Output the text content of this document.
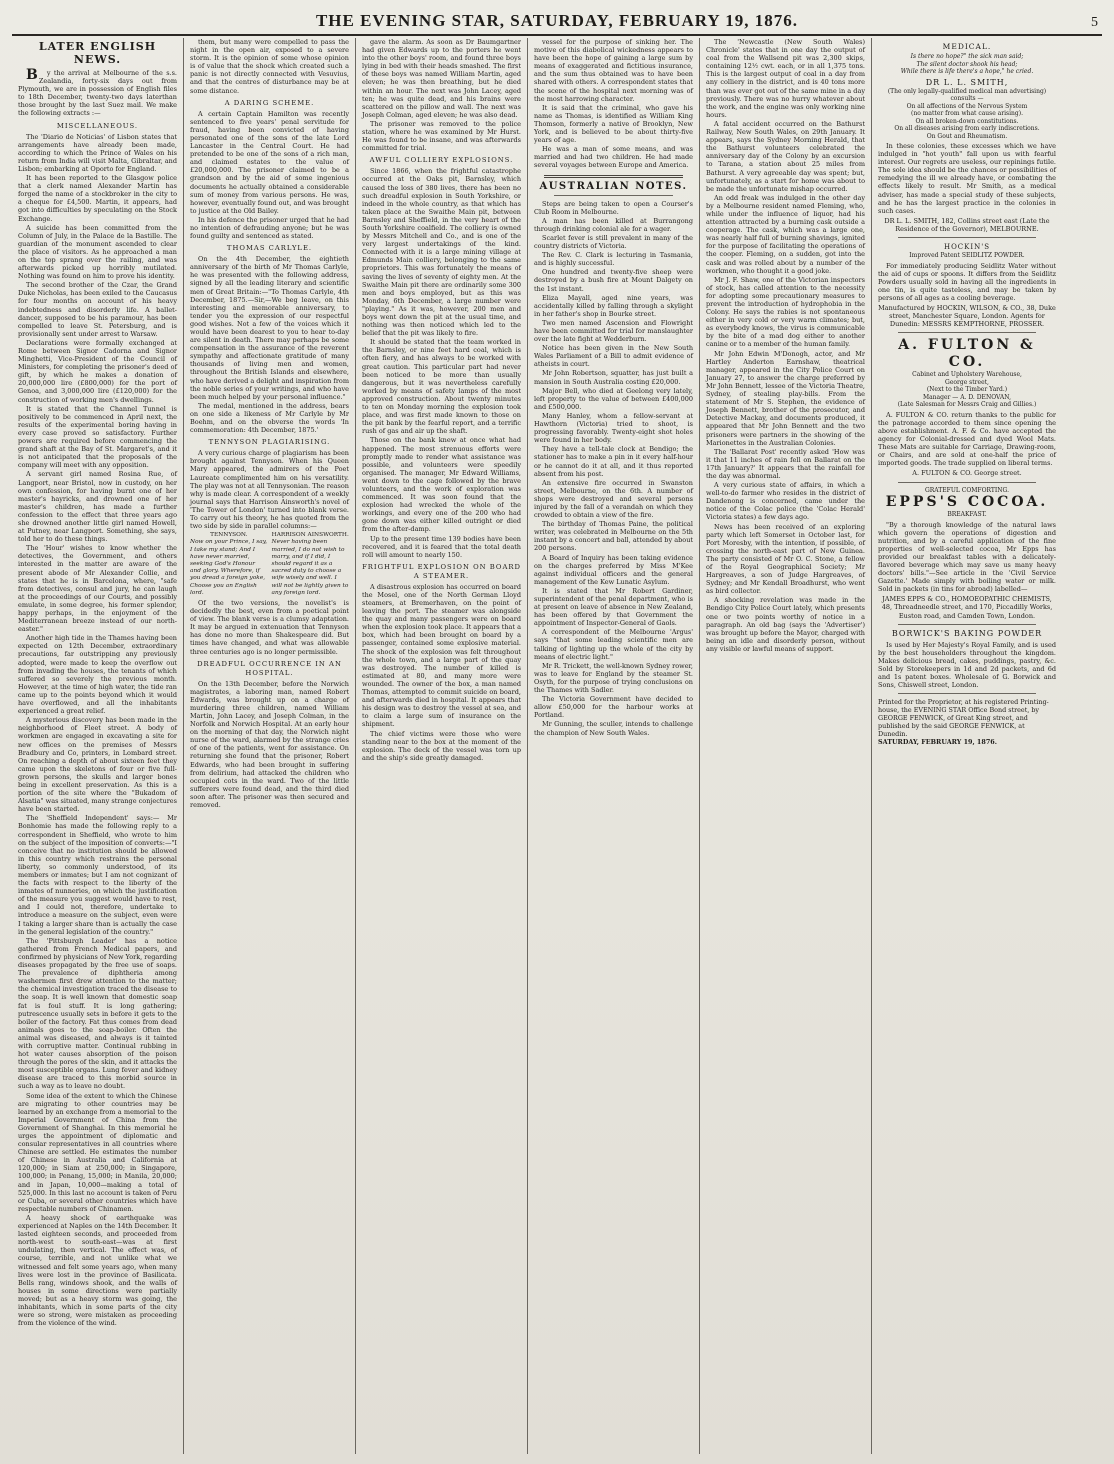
THE EVENING STAR, SATURDAY, FEBRUARY 19, 1876.	5
LATER ENGLISH NEWS.

By the arrival at Melbourne of the s.s. Zealandia, forty-six days out from Plymouth, we are in possession of English files to 18th December, twenty-two days laterthan those brought by the last Suez mail. We make the following extracts :—

MISCELLANEOUS.

The 'Diario de Noticias' of Lisbon states that arrangements have already been made, according to which the Prince of Wales on his return from India will visit Malta, Gibraltar, and Lisbon; embarking at Oporto for England.

It has been reported to the Glasgow police that a clerk named Alexander Martin has forged the name of a stockbroker in the city to a cheque for £4,500. Martin, it appears, had got into difficulties by speculating on the Stock Exchange.

A suicide has been committed from the Column of July, in the Palace de la Bastille. The guardian of the monument ascended to clear the place of visitors. As he approached a man on the top sprang over the railing, and was afterwards picked up horribly mutilated. Nothing was found on him to prove his identity.

The second brother of the Czar, the Grand Duke Nicholas, has been exiled to the Caucasus for four months on account of his heavy indebtedness and disorderly life. A ballet-dancer, supposed to be his paramour, has been compelled to leave St. Petersburg, and is provisionally sent under arrest to Warsaw.

Declarations were formally exchanged at Rome between Signor Cadorna and Signor Minghetti, Vice-President of the Council of Ministers, for completing the prisoner's deed of gift, by which he makes a donation of 20,000,000 lire (£800,000) for the port of Genoa, and 3,000,000 lire (£120,000) for the construction of working men's dwellings.

It is stated that the Channel Tunnel is positively to be commenced in April next, the results of the experimental boring having in every case proved so satisfactory. Further powers are required before commencing the grand shaft at the Bay of St. Margaret's, and it is not anticipated that the proposals of the company will meet with any opposition.

A servant girl named Rosina Rue, of Langport, near Bristol, now in custody, on her own confession, for having burnt one of her master's hayricks, and drowned one of her master's children, has made a further confession to the effect that three years ago she drowned another little girl named Howell, at Putney, near Langport. Something, she says, told her to do these things.

The 'Hour' wishes to know whether the detectives, the Government, and others interested in the matter are aware of the present abode of Mr Alexander Collie, and states that he is in Barcelona, where, "safe from detectives, consul and jury, he can laugh at the proceedings of our Courts, and possibly emulate, in some degree, his former splendor, happy perhaps, in the enjoyment of the Mediterranean breeze instead of our north-easter."

Another high tide in the Thames having been expected on 12th December, extraordinary precautions, far outstripping any previously adopted, were made to keep the overflow out from invading the houses, the tenants of which suffered so severely the previous month. However, at the time of high water, the tide ran came up to the points beyond which it would have overflowed, and all the inhabitants experienced a great relief.

A mysterious discovery has been made in the neighborhood of Fleet street. A body of workmen are engaged in excavating a site for new offices on the premises of Messrs Bradbury and Co, printers, in Lombard street. On reaching a depth of about sixteen feet they came upon the skeletons of four or five full-grown persons, the skulls and larger bones being in excellent preservation. As this is a portion of the site where the "Bukadom of Alsatia" was situated, many strange conjectures have been started.

The 'Sheffield Independent' says:— Mr Bonhomie has made the following reply to a correspondent in Sheffield, who wrote to him on the subject of the imposition of converts:—"I conceive that no institution should be allowed in this country which restrains the personal liberty, so commonly understood, of its members or inmates; but I am not cognizant of the facts with respect to the liberty of the inmates of nunneries, on which the justification of the measure you suggest would have to rest, and I could not, therefore, undertake to introduce a measure on the subject, even were I taking a larger share than is actually the case in the general legislation of the country."

The 'Pittsburgh Leader' has a notice gathered from French Medical papers, and confirmed by physicians of New York, regarding diseases propagated by the free use of soaps. The prevalence of diphtheria among washermen first drew attention to the matter; the chemical investigation traced the disease to the soap. It is well known that domestic soap fat is foul stuff. It is long gathering; putrescence usually sets in before it gets to the boiler of the factory. Fat thus comes from dead animals goes to the soap-boiler. Often the animal was diseased, and always is it tainted with corruptive matter. Continual rubbing in hot water causes absorption of the poison through the pores of the skin, and it attacks the most susceptible organs. Lung fever and kidney disease are traced to this morbid source in such a way as to leave no doubt.

Some idea of the extent to which the Chinese are migrating to other countries may be learned by an exchange from a memorial to the Imperial Government of China from the Government of Shanghai. In this memorial he urges the appointment of diplomatic and consular representatives in all countries where Chinese are settled. He estimates the number of Chinese in Australia and California at 120,000; in Siam at 250,000; in Singapore, 100,000; in Penang, 15,000; in Manila, 20,000; and in Japan, 10,000—making a total of 525,000. In this last no account is taken of Peru or Cuba, or several other countries which have respectable numbers of Chinamen.

A heavy shock of earthquake was experienced at Naples on the 14th December. It lasted eighteen seconds, and proceeded from north-west to south-east—was at first undulating, then vertical. The effect was, of course, terrible, and not unlike what we witnessed and felt some years ago, when many lives were lost in the province of Basilicata. Bells rang, windows shook, and the walls of houses in some directions were partially moved; but as a heavy storm was going, the inhabitants, which in some parts of the city were so strong, were mistaken as proceeding from the violence of the wind.

them, but many were compelled to pass the night in the open air, exposed to a severe storm. It is the opinion of some whose opinion is of value that the shock which created such a panic is not directly connected with Vesuvius, and that the centres of disturbance may be at some distance.

A DARING SCHEME.

A certain Captain Hamilton was recently sentenced to five years' penal servitude for fraud, having been convicted of having personated one of the sons of the late Lord Lancaster in the Central Court. He had pretended to be one of the sons of a rich man, and claimed estates to the value of £20,000,000. The prisoner claimed to be a grandson and by the aid of some ingenious documents he actually obtained a considerable sum of money from various persons. He was, however, eventually found out, and was brought to justice at the Old Bailey.

In his defence the prisoner urged that he had no intention of defrauding anyone; but he was found guilty and sentenced as stated.

THOMAS CARLYLE.

On the 4th December, the eightieth anniversary of the birth of Mr Thomas Carlyle, he was presented with the following address, signed by all the leading literary and scientific men of Great Britain:—"To Thomas Carlyle, 4th December, 1875.—Sir,—We beg leave, on this interesting and memorable anniversary, to tender you the expression of our respectful good wishes. Not a few of the voices which it would have been dearest to you to hear to-day are silent in death. There may perhaps be some compensation in the assurance of the reverent sympathy and affectionate gratitude of many thousands of living men and women, throughout the British Islands and elsewhere, who have derived a delight and inspiration from the noble series of your writings, and who have been much helped by your personal influence."

The medal, mentioned in the address, bears on one side a likeness of Mr Carlyle by Mr Boehm, and on the obverse the words 'In commemoration: 4th December, 1875.'

TENNYSON PLAGIARISING.

A very curious charge of plagiarism has been brought against Tennyson. When his Queen Mary appeared, the admirers of the Poet Laureate complimented him on his versatility. The play was not at all Tennysonian. The reason why is made clear. A correspondent of a weekly journal says that Harrison Ainsworth's novel of 'The Tower of London' turned into blank verse. To carry out his theory, he has quoted from the two side by side in parallel columns:—

TENNYSON.
Now on your Prince, I say, I take my stand; And I have never married, seeking God's Honour and glory. Wherefore, if you dread a foreign yoke, Choose you an English lord.
HARRISON AINSWORTH.
Never having been married, I do not wish to marry, and if I did, I should regard it as a sacred duty to choose a wife wisely and well. I will not be lightly given to any foreign lord.

Of the two versions, the novelist's is decidedly the best, even from a poetical point of view. The blank verse is a clumsy adaptation. It may be argued in extenuation that Tennyson has done no more than Shakespeare did. But times have changed, and what was allowable three centuries ago is no longer permissible.

DREADFUL OCCURRENCE IN AN HOSPITAL.

On the 13th December, before the Norwich magistrates, a laboring man, named Robert Edwards, was brought up on a charge of murdering three children, named William Martin, John Lacey, and Joseph Colman, in the Norfolk and Norwich Hospital. At an early hour on the morning of that day, the Norwich night nurse of the ward, alarmed by the strange cries of one of the patients, went for assistance. On returning she found that the prisoner, Robert Edwards, who had been brought in suffering from delirium, had attacked the children who occupied cots in the ward. Two of the little sufferers were found dead, and the third died soon after. The prisoner was then secured and removed.

gave the alarm. As soon as Dr Baumgartner had given Edwards up to the porters he went into the other boys' room, and found three boys lying in bed with their heads smashed. The first of these boys was named William Martin, aged eleven; he was then breathing, but he died within an hour. The next was John Lacey, aged ten; he was quite dead, and his brains were scattered on the pillow and wall. The next was Joseph Colman, aged eleven; he was also dead.

The prisoner was removed to the police station, where he was examined by Mr Hurst. He was found to be insane, and was afterwards committed for trial.

AWFUL COLLIERY EXPLOSIONS.

Since 1866, when the frightful catastrophe occurred at the Oaks pit, Barnsley, which caused the loss of 380 lives, there has been no such dreadful explosion in South Yorkshire, or indeed in the whole country, as that which has taken place at the Swaithe Main pit, between Barnsley and Sheffield, in the very heart of the South Yorkshire coalfield. The colliery is owned by Messrs Mitchell and Co., and is one of the very largest undertakings of the kind. Connected with it is a large mining village at Edmunds Main colliery, belonging to the same proprietors. This was fortunately the means of saving the lives of seventy of eighty men. At the Swaithe Main pit there are ordinarily some 300 men and boys employed, but as this was Monday, 6th December, a large number were "playing." As it was, however, 200 men and boys went down the pit at the usual time, and nothing was then noticed which led to the belief that the pit was likely to fire.

It should be stated that the team worked in the Barnsley, or nine feet hard coal, which is often fiery, and has always to be worked with great caution. This particular part had never been noticed to be more than usually dangerous, but it was nevertheless carefully worked by means of safety lamps of the most approved construction. About twenty minutes to ten on Monday morning the explosion took place, and was first made known to those on the pit bank by the fearful report, and a terrific rush of gas and air up the shaft.

Those on the bank knew at once what had happened. The most strenuous efforts were promptly made to render what assistance was possible, and volunteers were speedily organised. The manager, Mr Edward Williams, went down to the cage followed by the brave volunteers, and the work of exploration was commenced. It was soon found that the explosion had wrecked the whole of the workings, and every one of the 200 who had gone down was either killed outright or died from the after-damp.

Up to the present time 139 bodies have been recovered, and it is feared that the total death roll will amount to nearly 150.

FRIGHTFUL EXPLOSION ON BOARD A STEAMER.

A disastrous explosion has occurred on board the Mosel, one of the North German Lloyd steamers, at Bremerhaven, on the point of leaving the port. The steamer was alongside the quay and many passengers were on board when the explosion took place. It appears that a box, which had been brought on board by a passenger, contained some explosive material. The shock of the explosion was felt throughout the whole town, and a large part of the quay was destroyed. The number of killed is estimated at 80, and many more were wounded. The owner of the box, a man named Thomas, attempted to commit suicide on board, and afterwards died in hospital. It appears that his design was to destroy the vessel at sea, and to claim a large sum of insurance on the shipment.

The chief victims were those who were standing near to the box at the moment of the explosion. The deck of the vessel was torn up and the ship's side greatly damaged.

vessel for the purpose of sinking her. The motive of this diabolical wickedness appears to have been the hope of gaining a large sum by means of exaggerated and fictitious insurance, and the sum thus obtained was to have been shared with others. A correspondent states that the scene of the hospital next morning was of the most harrowing character.

It is said that the criminal, who gave his name as Thomas, is identified as William King Thomson, formerly a native of Brooklyn, New York, and is believed to be about thirty-five years of age.

He was a man of some means, and was married and had two children. He had made several voyages between Europe and America.

AUSTRALIAN NOTES.

Steps are being taken to open a Courser's Club Room in Melbourne.

A man has been killed at Burrangong through drinking colonial ale for a wager.

Scarlet fever is still prevalent in many of the country districts of Victoria.

The Rev. C. Clark is lecturing in Tasmania, and is highly successful.

One hundred and twenty-five sheep were destroyed by a bush fire at Mount Dalgety on the 1st instant.

Eliza Mayall, aged nine years, was accidentally killed by falling through a skylight in her father's shop in Bourke street.

Two men named Ascension and Flowright have been committed for trial for manslaughter over the late fight at Wedderburn.

Notice has been given in the New South Wales Parliament of a Bill to admit evidence of atheists in court.

Mr John Robertson, squatter, has just built a mansion in South Australia costing £20,000.

Major Bell, who died at Geelong very lately, left property to the value of between £400,000 and £500,000.

Many Hanley, whom a fellow-servant at Hawthorn (Victoria) tried to shoot, is progressing favorably. Twenty-eight shot holes were found in her body.

They have a tell-tale clock at Bendigo; the stationer has to make a pin in it every half-hour or he cannot do it at all, and it thus reported absent from his post.

An extensive fire occurred in Swanston street, Melbourne, on the 6th. A number of shops were destroyed and several persons injured by the fall of a verandah on which they crowded to obtain a view of the fire.

The birthday of Thomas Paine, the political writer, was celebrated in Melbourne on the 5th instant by a concert and ball, attended by about 200 persons.

A Board of Inquiry has been taking evidence on the charges preferred by Miss M'Kee against individual officers and the general management of the Kew Lunatic Asylum.

It is stated that Mr Robert Gardiner, superintendent of the penal department, who is at present on leave of absence in New Zealand, has been offered by that Government the appointment of Inspector-General of Gaols.

A correspondent of the Melbourne 'Argus' says "that some leading scientific men are talking of lighting up the whole of the city by means of electric light."

Mr R. Trickett, the well-known Sydney rower, was to leave for England by the steamer St. Osyth, for the purpose of trying conclusions on the Thames with Sadler.

The Victoria Government have decided to allow £50,000 for the harbour works at Portland.

Mr Gunning, the sculler, intends to challenge the champion of New South Wales.

The 'Newcastle (New South Wales) Chronicle' states that in one day the output of coal from the Wallsend pit was 2,300 skips, containing 12½ cwt. each, or in all 1,375 tons. This is the largest output of coal in a day from any colliery in the district, and is 40 tons more than was ever got out of the same mine in a day previously. There was no hurry whatever about the work, and the engine was only working nine hours.

A fatal accident occurred on the Bathurst Railway, New South Wales, on 29th January. It appears, says the Sydney Morning Herald, that the Bathurst volunteers celebrated the anniversary day of the Colony by an excursion to Tarana, a station about 25 miles from Bathurst. A very agreeable day was spent; but, unfortunately, as a start for home was about to be made the unfortunate mishap occurred.

An odd freak was indulged in the other day by a Melbourne resident named Fleming, who, while under the influence of liquor, had his attention attracted by a burning cask outside a cooperage. The cask, which was a large one, was nearly half full of burning shavings, ignited for the purpose of facilitating the operations of the cooper. Fleming, on a sudden, got into the cask and was rolled about by a number of the workmen, who thought it a good joke.

Mr J. F. Shaw, one of the Victorian inspectors of stock, has called attention to the necessity for adopting some precautionary measures to prevent the introduction of hydrophobia in the Colony. He says the rabies is not spontaneous either in very cold or very warm climates; but, as everybody knows, the virus is communicable by the bite of a mad dog either to another canine or to a member of the human family.

Mr John Edwin M'Donogh, actor, and Mr Hartley Anderton Earnshaw, theatrical manager, appeared in the City Police Court on January 27, to answer the charge preferred by Mr John Bennett, lessee of the Victoria Theatre, Sydney, of stealing play-bills. From the statement of Mr S. Stephen, the evidence of Joseph Bennett, brother of the prosecutor, and Detective Mackay, and documents produced, it appeared that Mr John Bennett and the two prisoners were partners in the showing of the Marionettes in the Australian Colonies.

The 'Ballarat Post' recently asked 'How was it that 11 inches of rain fell on Ballarat on the 17th January?' It appears that the rainfall for the day was abnormal.

A very curious state of affairs, in which a well-to-do farmer who resides in the district of Dandenong is concerned, came under the notice of the Colac police (the 'Colac Herald' Victoria states) a few days ago.

News has been received of an exploring party which left Somerset in October last, for Port Moresby, with the intention, if possible, of crossing the north-east part of New Guinea. The party consisted of Mr O. C. Stone, a fellow of the Royal Geographical Society; Mr Hargreaves, a son of Judge Hargreaves, of Sydney; and Mr Kendall Broadhurst, who went as bird collector.

A shocking revelation was made in the Bendigo City Police Court lately, which presents one or two points worthy of notice in a paragraph. An old bag (says the 'Advertiser') was brought up before the Mayor, charged with being an idle and disorderly person, without any visible or lawful means of support.

MEDICAL.
Is there no hope?" the sick man said;
The silent doctor shook his head;
While there is life there's a hope," he cried.
DR L. L. SMITH,
(The only legally-qualified medical man advertising) consults —
On all affections of the Nervous System
(no matter from what cause arising).
On all broken-down constitutions.
On all diseases arising from early indiscretions.
On Gout and Rheumatism.

In these colonies, these excesses which we have indulged in "hot youth" fall upon us with fearful interest. Our regrets are useless, our repinings futile. The sole idea should be the chances or possibilities of remedying the ill we already have, or combating the effects likely to result. Mr Smith, as a medical adviser, has made a special study of these subjects, and he has the largest practice in the colonies in such cases.

DR L. L. SMITH, 182, Collins street east (Late the Residence of the Governor), MELBOURNE.
HOCKIN'S
Improved Patent SEIDLITZ POWDER.

For immediately producing Seidlitz Water without the aid of cups or spoons. It differs from the Seidlitz Powders usually sold in having all the ingredients in one tin, is quite tasteless, and may be taken by persons of all ages as a cooling beverage.

Manufactured by HOCKIN, WILSON, & CO., 38, Duke street, Manchester Square, London. Agents for Dunedin: MESSRS KEMPTHORNE, PROSSER.
A. FULTON & CO.
Cabinet and Upholstery Warehouse,
George street,
(Next to the Timber Yard.)
Manager — A. D. DENOVAN,
(Late Salesman for Messrs Craig and Gillies.)

A. FULTON & CO. return thanks to the public for the patronage accorded to them since opening the above establishment. A. F. & Co. have accepted the agency for Colonial-dressed and dyed Wool Mats. These Mats are suitable for Carriage, Drawing-room, or Chairs, and are sold at one-half the price of imported goods. The trade supplied on liberal terms.

A. FULTON & CO. George street.
GRATEFUL COMFORTING.
EPPS'S COCOA.
BREAKFAST.

"By a thorough knowledge of the natural laws which govern the operations of digestion and nutrition, and by a careful application of the fine properties of well-selected cocoa, Mr Epps has provided our breakfast tables with a delicately-flavored beverage which may save us many heavy doctors' bills."—See article in the 'Civil Service Gazette.' Made simply with boiling water or milk. Sold in packets (in tins for abroad) labelled—

JAMES EPPS & CO., HOMOEOPATHIC CHEMISTS, 48, Threadneedle street, and 170, Piccadilly Works, Euston road, and Camden Town, London.
BORWICK'S BAKING POWDER

Is used by Her Majesty's Royal Family, and is used by the best householders throughout the kingdom. Makes delicious bread, cakes, puddings, pastry, &c. Sold by Storekeepers in 1d and 2d packets, and 6d and 1s patent boxes. Wholesale of G. Borwick and Sons, Chiswell street, London.

Printed for the Proprietor, at his registered Printing-house, the EVENING STAR Office Bond street, by GEORGE FENWICK, of Great King street, and published by the said GEORGE FENWICK, at Dunedin.
SATURDAY, FEBRUARY 19, 1876.
